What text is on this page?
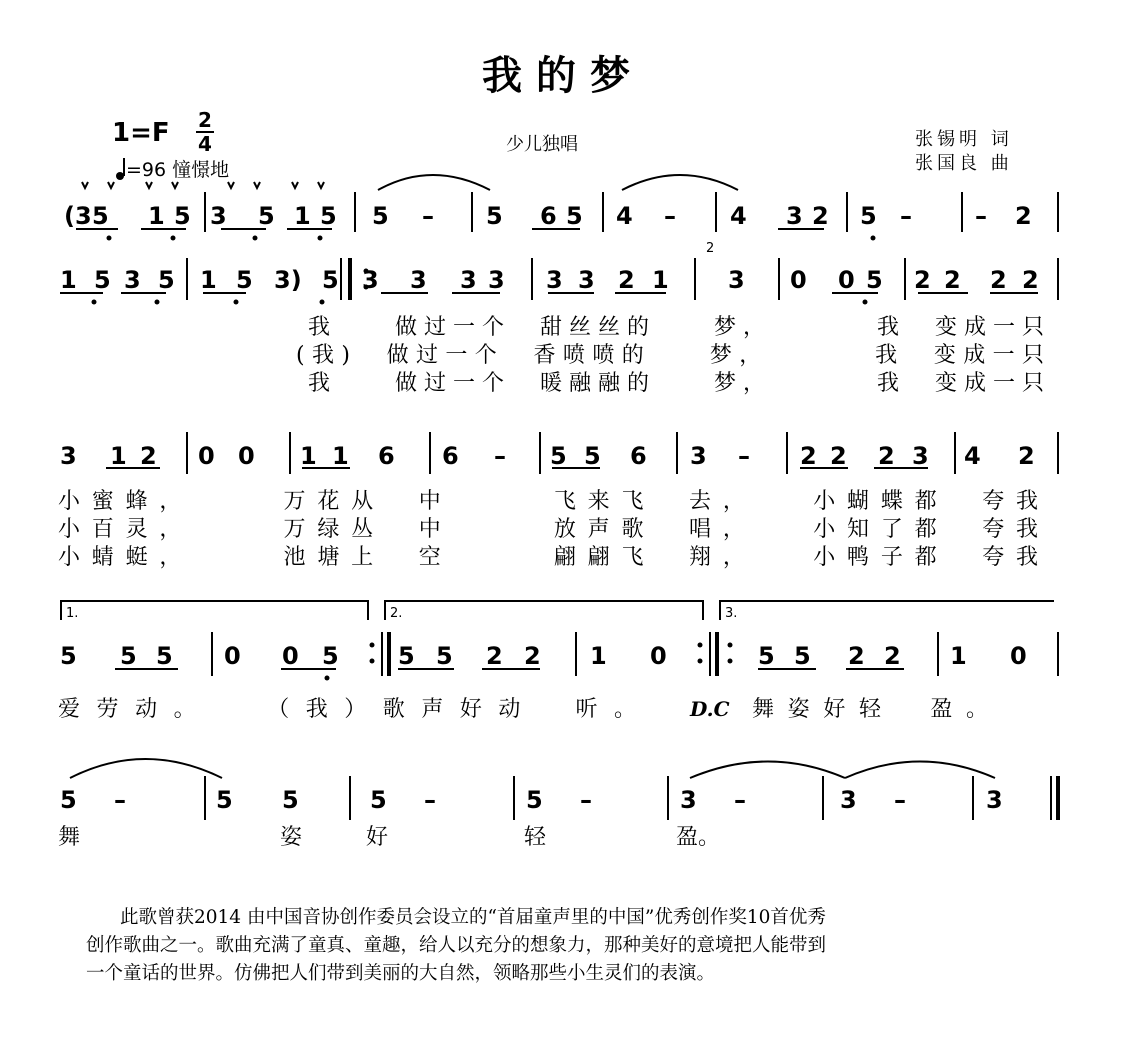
我的梦
1=F 2
4
=96 憧憬地
少儿独唱	张锡明 词
张国良 曲
(3 5 1 5 3 5 1 5 5 – 5 6 5 4 – 4 3 2 5	– 2
–
1 5 3 5 1 5 3) 5 3 3 3 3 3 3 2 1 3 0 0 5 2 2 2 2
3 1 2 0 0 1 1 6 6 – 5 5 6 3 – 2 2 2 3 4 2
5 5 5 0 0 5 5 5 2 2 1 0	5 5 2 2 1 0
5 –	5 5	5 –	5 –	3 –	3 –	3
2
1.	2.	3.
我　　做过一个　甜丝丝的　　梦，　　　　我　变成一只
(我)　做过一个　香喷喷的　　梦，　　　　我　变成一只
我　　做过一个　暖融融的　　梦，　　　　我　变成一只
小蜜蜂，　　　万花从　中　　　飞来飞　去，　　小蝴蝶都　夸我
小百灵，　　　万绿丛　中　　　放声歌　唱，　　小知了都　夸我
小蜻蜓，　　　池塘上　空　　　翩翩飞　翔，　　小鸭子都　夸我
爱劳动。　　（我）歌声好动　听。	D.C 舞姿好轻　盈。
舞	姿	好	轻	盈。

此歌曾获2014 由中国音协创作委员会设立的“首届童声里的中国”优秀创作奖10首优秀

创作歌曲之一。歌曲充满了童真、童趣，给人以充分的想象力，那种美好的意境把人能带到

一个童话的世界。仿佛把人们带到美丽的大自然，领略那些小生灵们的表演。
